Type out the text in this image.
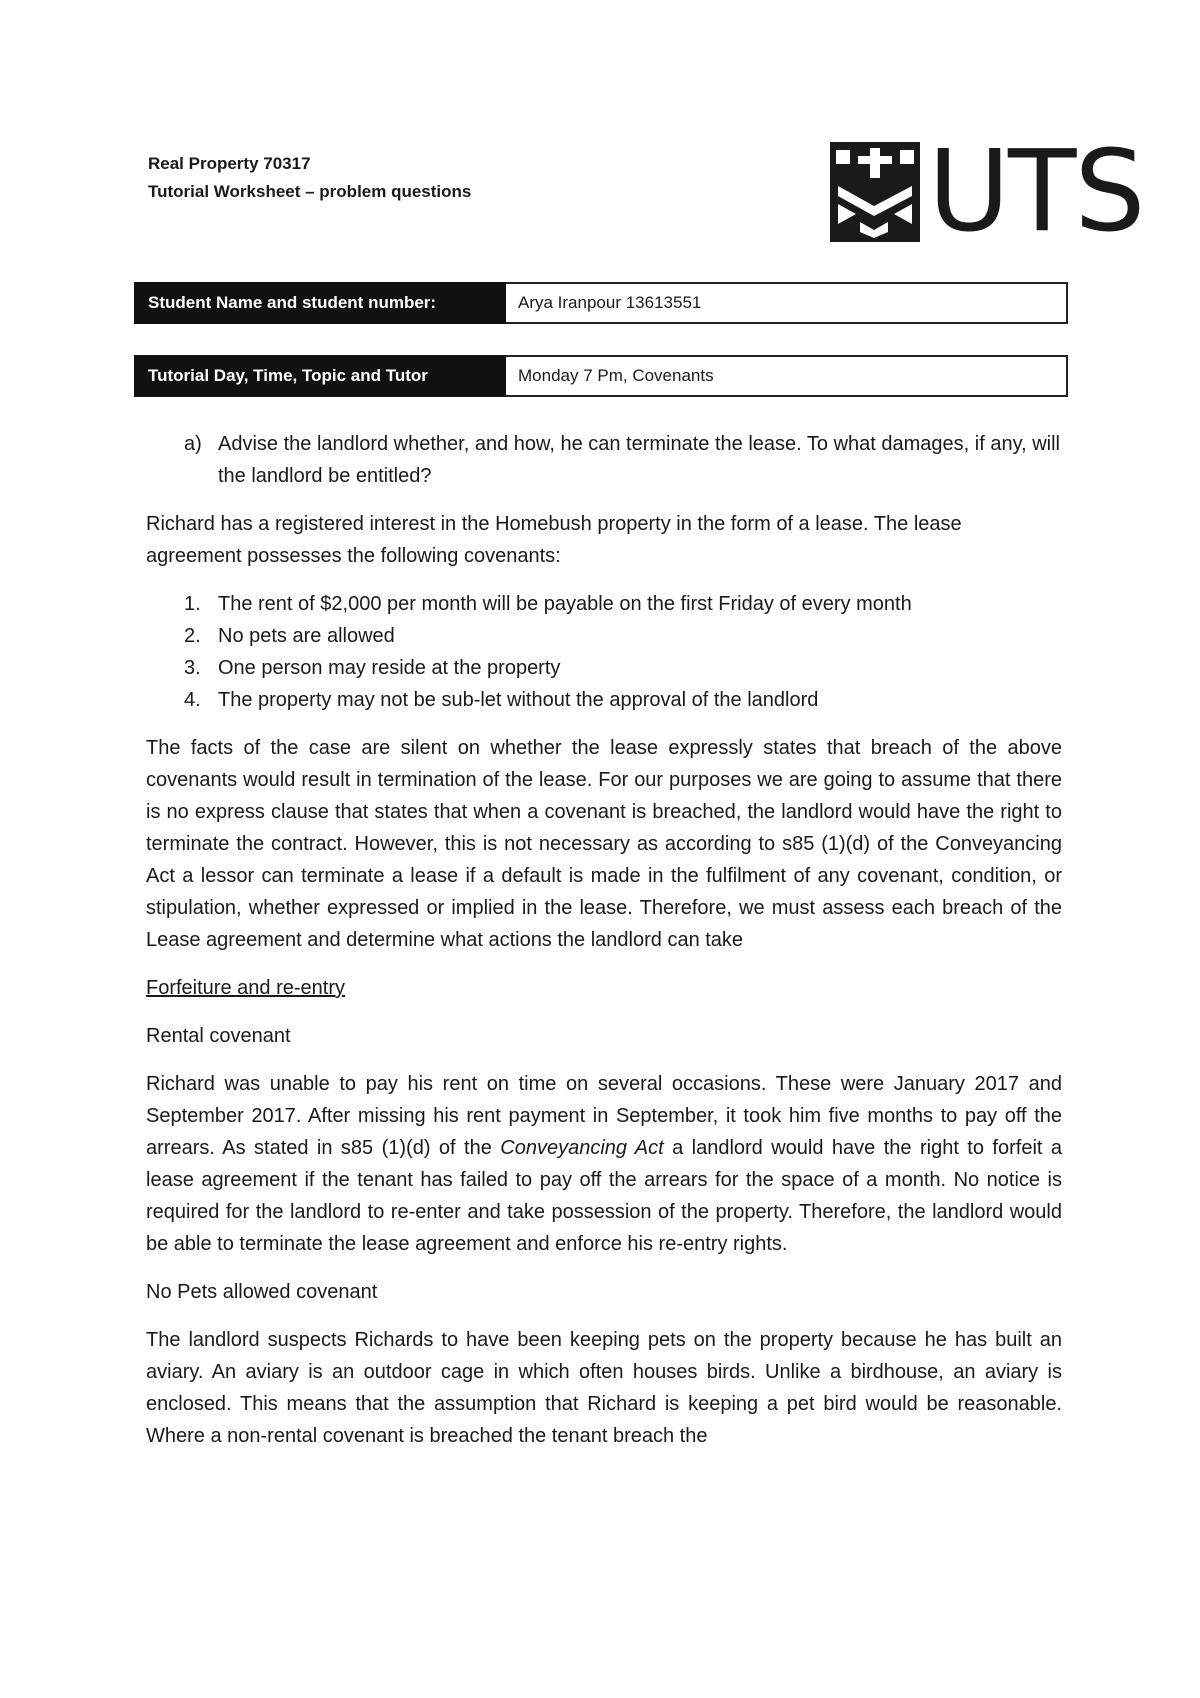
Real Property 70317
Tutorial Worksheet – problem questions	UTS
Student Name and student number:	Arya Iranpour 13613551
Tutorial Day, Time, Topic and Tutor	Monday 7 Pm, Covenants
a) Advise the landlord whether, and how, he can terminate the lease. To what damages, if any, will the landlord be entitled?

Richard has a registered interest in the Homebush property in the form of a lease. The lease agreement possesses the following covenants:

1. The rent of $2,000 per month will be payable on the first Friday of every month
2. No pets are allowed
3. One person may reside at the property
4. The property may not be sub-let without the approval of the landlord

The facts of the case are silent on whether the lease expressly states that breach of the above covenants would result in termination of the lease. For our purposes we are going to assume that there is no express clause that states that when a covenant is breached, the landlord would have the right to terminate the contract. However, this is not necessary as according to s85 (1)(d) of the Conveyancing Act a lessor can terminate a lease if a default is made in the fulfilment of any covenant, condition, or stipulation, whether expressed or implied in the lease. Therefore, we must assess each breach of the Lease agreement and determine what actions the landlord can take

Forfeiture and re-entry

Rental covenant

Richard was unable to pay his rent on time on several occasions. These were January 2017 and September 2017. After missing his rent payment in September, it took him five months to pay off the arrears. As stated in s85 (1)(d) of the Conveyancing Act a landlord would have the right to forfeit a lease agreement if the tenant has failed to pay off the arrears for the space of a month. No notice is required for the landlord to re-enter and take possession of the property. Therefore, the landlord would be able to terminate the lease agreement and enforce his re-entry rights.

No Pets allowed covenant

The landlord suspects Richards to have been keeping pets on the property because he has built an aviary. An aviary is an outdoor cage in which often houses birds. Unlike a birdhouse, an aviary is enclosed. This means that the assumption that Richard is keeping a pet bird would be reasonable. Where a non-rental covenant is breached the tenant breach the
